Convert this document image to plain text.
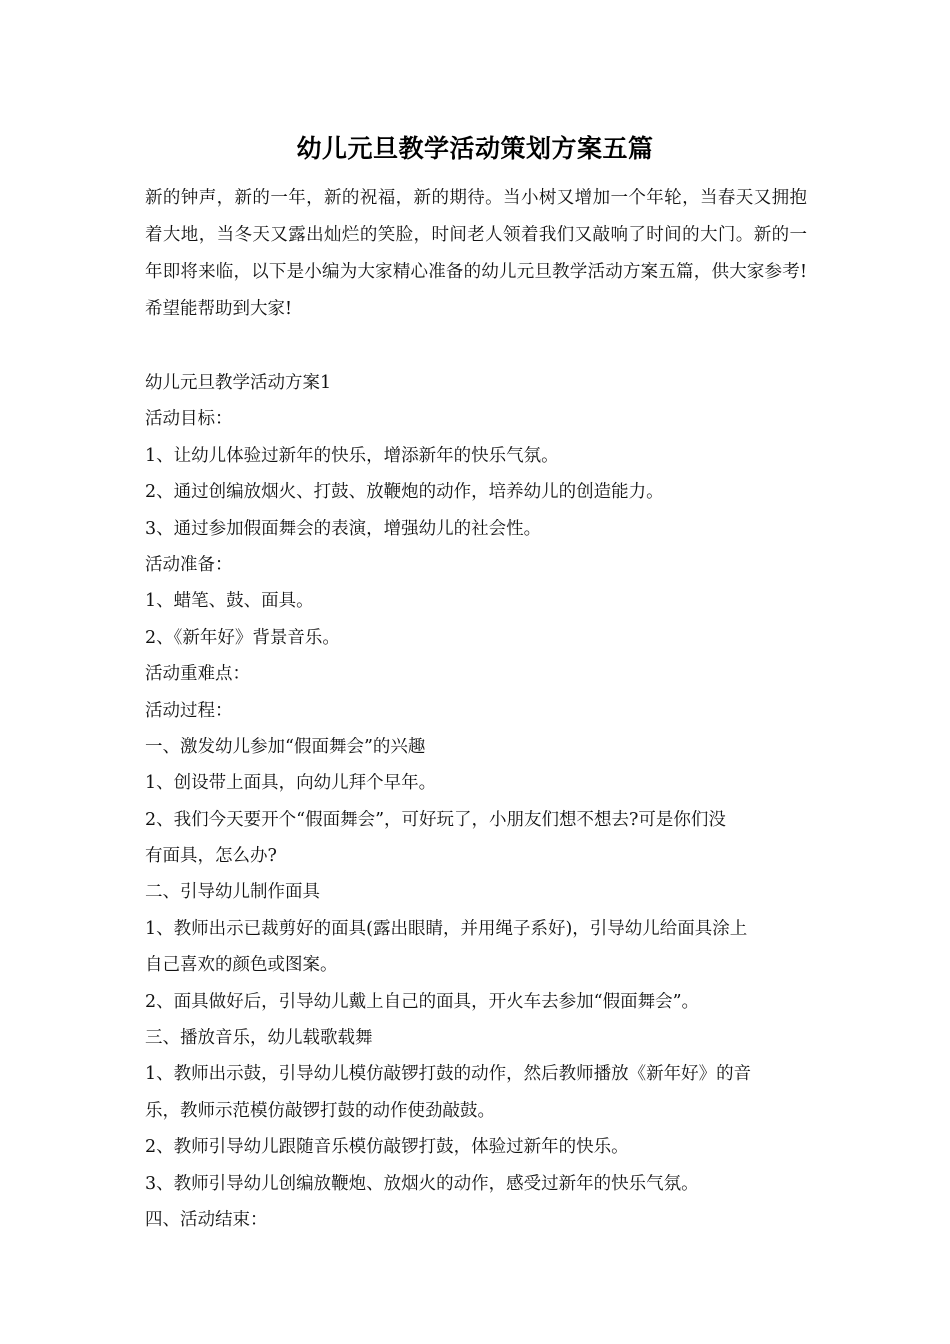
幼儿元旦教学活动策划方案五篇

新的钟声，新的一年，新的祝福，新的期待。当小树又增加一个年轮，当春天又拥抱着大地，当冬天又露出灿烂的笑脸，时间老人领着我们又敲响了时间的大门。新的一年即将来临，以下是小编为大家精心准备的幼儿元旦教学活动方案五篇，供大家参考!希望能帮助到大家!

幼儿元旦教学活动方案1
活动目标：
1、让幼儿体验过新年的快乐，增添新年的快乐气氛。
2、通过创编放烟火、打鼓、放鞭炮的动作，培养幼儿的创造能力。
3、通过参加假面舞会的表演，增强幼儿的社会性。
活动准备：
1、蜡笔、鼓、面具。
2、《新年好》背景音乐。
活动重难点：
活动过程：
一、激发幼儿参加“假面舞会”的兴趣
1、创设带上面具，向幼儿拜个早年。
2、我们今天要开个“假面舞会”，可好玩了，小朋友们想不想去?可是你们没
有面具，怎么办?
二、引导幼儿制作面具
1、教师出示已裁剪好的面具(露出眼睛，并用绳子系好)，引导幼儿给面具涂上
自己喜欢的颜色或图案。
2、面具做好后，引导幼儿戴上自己的面具，开火车去参加“假面舞会”。
三、播放音乐，幼儿载歌载舞
1、教师出示鼓，引导幼儿模仿敲锣打鼓的动作，然后教师播放《新年好》的音
乐，教师示范模仿敲锣打鼓的动作使劲敲鼓。
2、教师引导幼儿跟随音乐模仿敲锣打鼓，体验过新年的快乐。
3、教师引导幼儿创编放鞭炮、放烟火的动作，感受过新年的快乐气氛。
四、活动结束：
